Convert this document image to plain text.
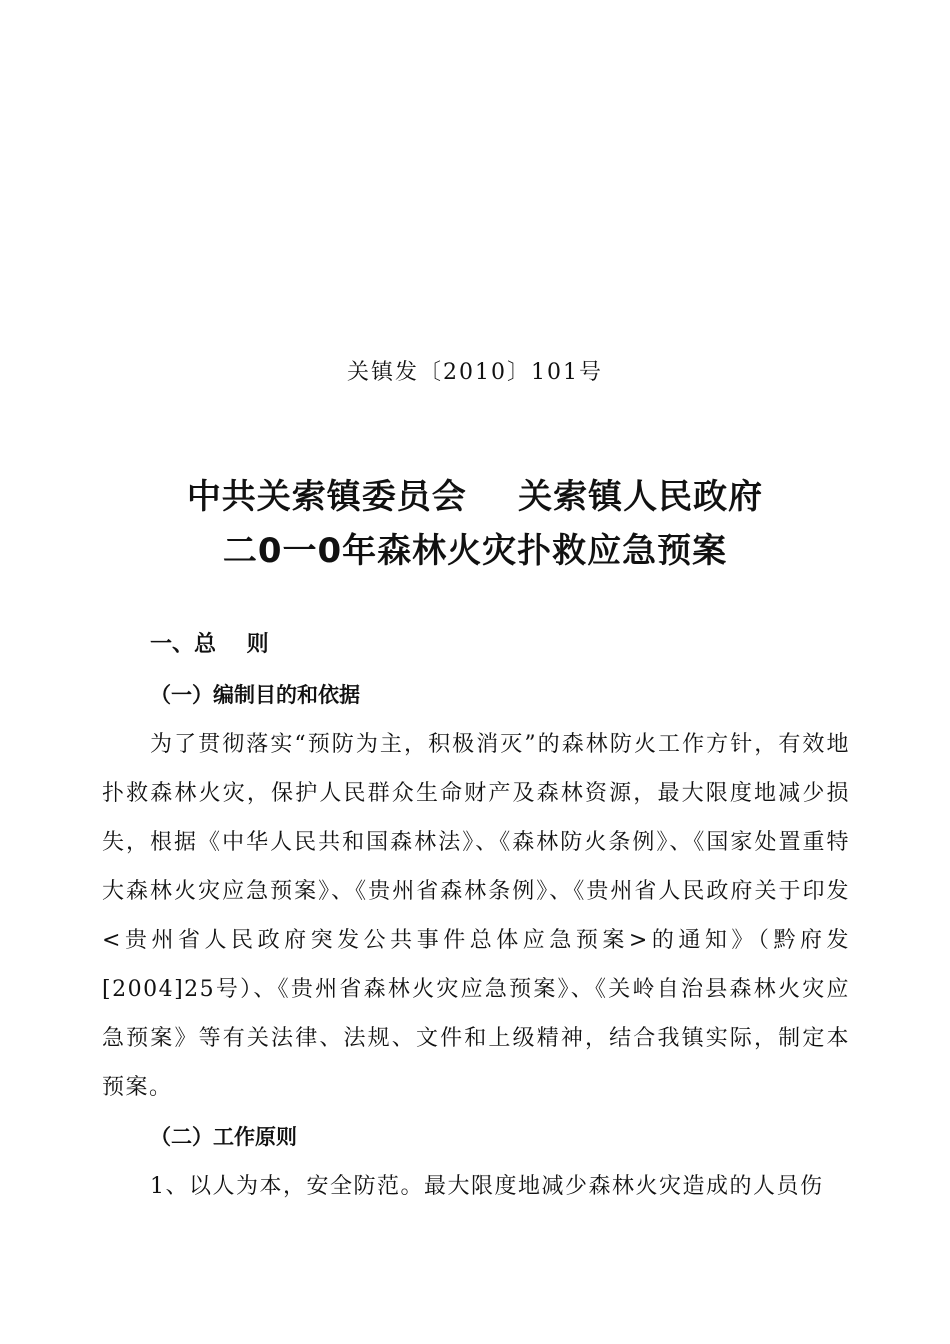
关镇发〔2010〕101号
中共关索镇委员会    关索镇人民政府
二0一0年森林火灾扑救应急预案
一、总    则
（一）编制目的和依据

为了贯彻落实“预防为主，积极消灭”的森林防火工作方针，有效地扑救森林火灾，保护人民群众生命财产及森林资源，最大限度地减少损失，根据《中华人民共和国森林法》、《森林防火条例》、《国家处置重特大森林火灾应急预案》、《贵州省森林条例》、《贵州省人民政府关于印发<贵州省人民政府突发公共事件总体应急预案>的通知》（黔府发[2004]25号）、《贵州省森林火灾应急预案》、《关岭自治县森林火灾应急预案》等有关法律、法规、文件和上级精神，结合我镇实际，制定本预案。

（二）工作原则

1、以人为本，安全防范。最大限度地减少森林火灾造成的人员伤
